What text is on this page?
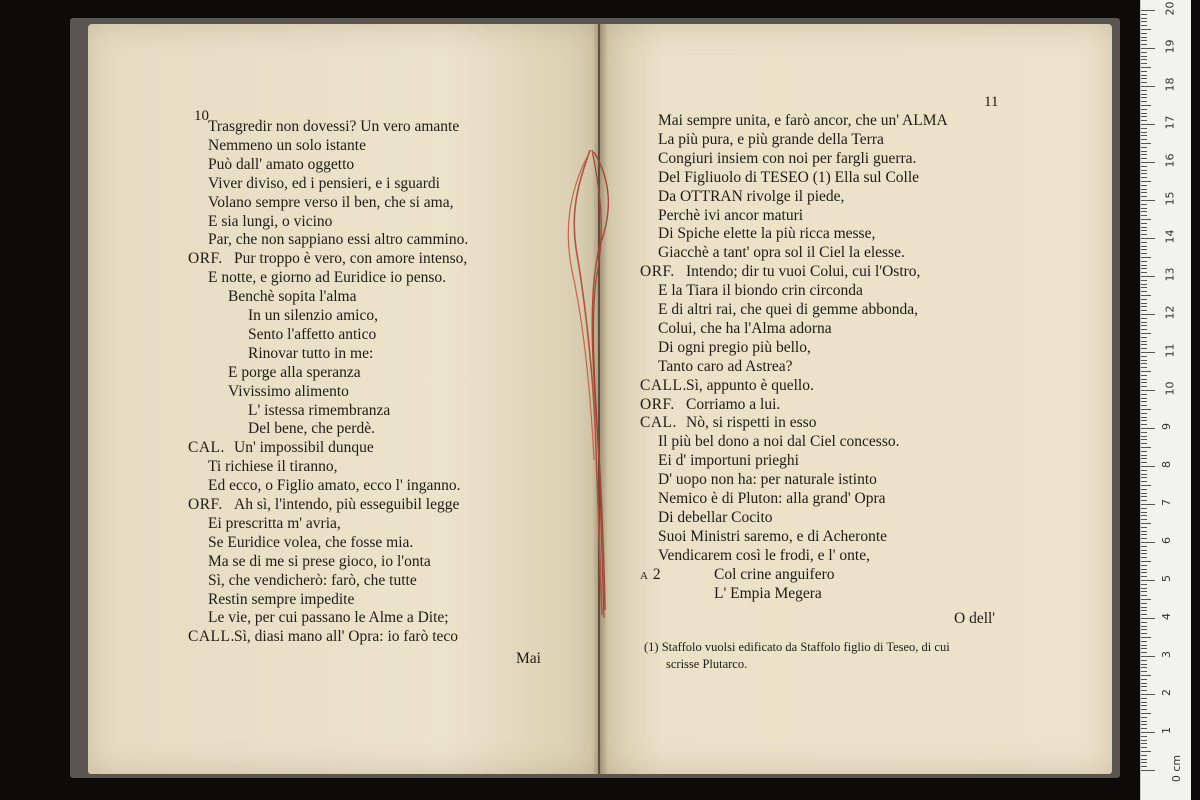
10
Trasgredir non dovessi? Un vero amante
Nemmeno un solo istante
Può dall' amato oggetto
Viver diviso, ed i pensieri, e i sguardi
Volano sempre verso il ben, che si ama,
E sia lungi, o vicino
Par, che non sappiano essi altro cammino.
ORF. Pur troppo è vero, con amore intenso,
E notte, e giorno ad Euridice io penso.
Benchè sopita l'alma
In un silenzio amico,
Sento l'affetto antico
Rinovar tutto in me:
E porge alla speranza
Vivissimo alimento
L' istessa rimembranza
Del bene, che perdè.
CAL. Un' impossibil dunque
Ti richiese il tiranno,
Ed ecco, o Figlio amato, ecco l' inganno.
ORF. Ah sì, l'intendo, più esseguibil legge
Ei prescritta m' avria,
Se Euridice volea, che fosse mia.
Ma se di me si prese gioco, io l'onta
Sì, che vendicherò: farò, che tutte
Restin sempre impedite
Le vie, per cui passano le Alme a Dite;
CALL. Sì, diasi mano all' Opra: io farò teco
Mai
11
Mai sempre unita, e farò ancor, che un' ALMA
La più pura, e più grande della Terra
Congiuri insiem con noi per fargli guerra.
Del Figliuolo di TESEO (1) Ella sul Colle
Da OTTRAN rivolge il piede,
Perchè ivi ancor maturi
Di Spiche elette la più ricca messe,
Giacchè a tant' opra sol il Ciel la elesse.
ORF. Intendo; dir tu vuoi Colui, cui l'Ostro,
E la Tiara il biondo crin circonda
E di altri rai, che quei di gemme abbonda,
Colui, che ha l'Alma adorna
Di ogni pregio più bello,
Tanto caro ad Astrea?
CALL. Sì, appunto è quello.
ORF. Corriamo a lui.
CAL. Nò, si rispetti in esso
Il più bel dono a noi dal Ciel concesso.
Ei d' importuni prieghi
D' uopo non ha: per naturale istinto
Nemico è di Pluton: alla grand' Opra
Di debellar Cocito
Suoi Ministri saremo, e di Acheronte
Vendicarem così le frodi, e l' onte,
a 2	Col crine anguifero
L' Empia Megera
O dell'
(1) Staffolo vuolsi edificato da Staffolo figlio di Teseo, di cui
scrisse Plutarco.
0 cm
1
2
3
4
5
6
7
8
9
10
11
12
13
14
15
16
17
18
19
20
